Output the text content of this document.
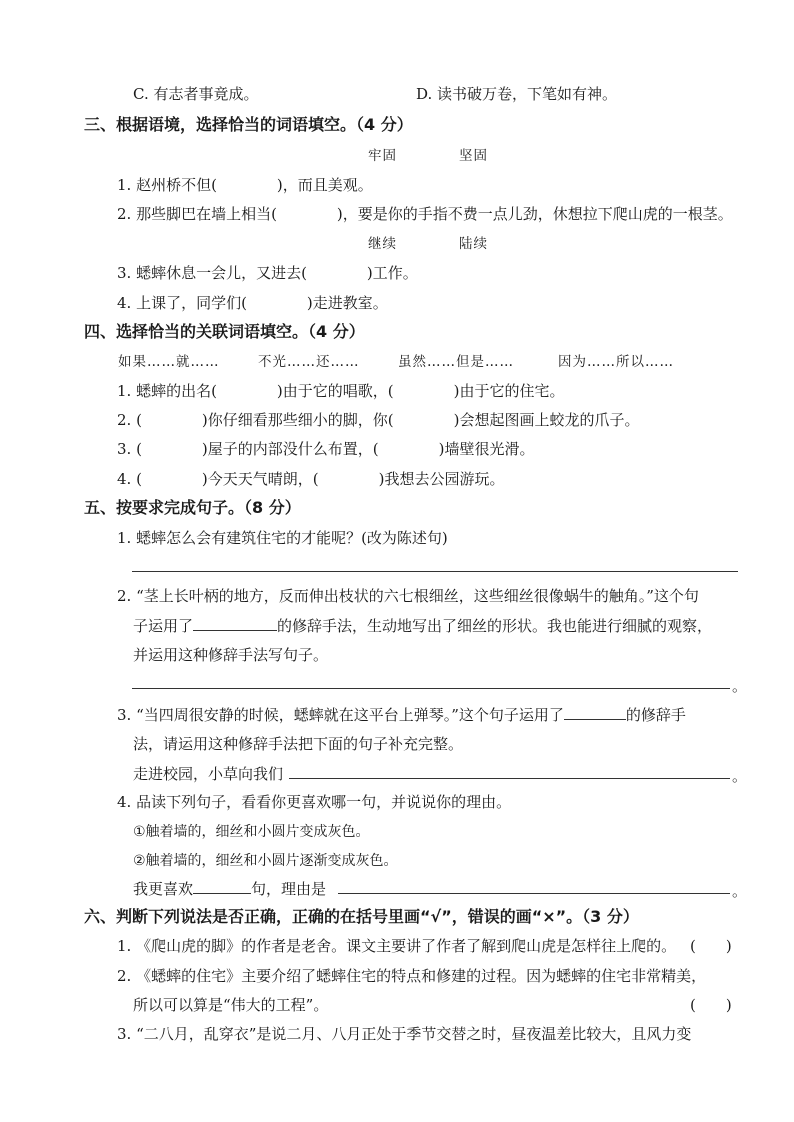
C. 有志者事竟成。	D. 读书破万卷，下笔如有神。
三、根据语境，选择恰当的词语填空。（4 分）
牢固	坚固
1. 赵州桥不但(　　　　)，而且美观。
2. 那些脚巴在墙上相当(　　　　)，要是你的手指不费一点儿劲，休想拉下爬山虎的一根茎。
继续	陆续
3. 蟋蟀休息一会儿，又进去(　　　　)工作。
4. 上课了，同学们(　　　　)走进教室。
四、选择恰当的关联词语填空。（4 分）
如果……就……	不光……还……	虽然……但是……	因为……所以……
1. 蟋蟀的出名(　　　　)由于它的唱歌，(　　　　)由于它的住宅。
2. (　　　　)你仔细看那些细小的脚，你(　　　　)会想起图画上蛟龙的爪子。
3. (　　　　)屋子的内部没什么布置，(　　　　)墙壁很光滑。
4. (　　　　)今天天气晴朗，(　　　　)我想去公园游玩。
五、按要求完成句子。（8 分）
1. 蟋蟀怎么会有建筑住宅的才能呢？(改为陈述句)
2. “茎上长叶柄的地方，反而伸出枝状的六七根细丝，这些细丝很像蜗牛的触角。”这个句
子运用了	的修辞手法，生动地写出了细丝的形状。我也能进行细腻的观察，
并运用这种修辞手法写句子。
。
3. “当四周很安静的时候，蟋蟀就在这平台上弹琴。”这个句子运用了	的修辞手
法，请运用这种修辞手法把下面的句子补充完整。
走进校园，小草向我们	。
4. 品读下列句子，看看你更喜欢哪一句，并说说你的理由。
①触着墙的，细丝和小圆片变成灰色。
②触着墙的，细丝和小圆片逐渐变成灰色。
我更喜欢	句，理由是	。
六、判断下列说法是否正确，正确的在括号里画“√”，错误的画“×”。（3 分）
1. 《爬山虎的脚》的作者是老舍。课文主要讲了作者了解到爬山虎是怎样往上爬的。 (　　)
2. 《蟋蟀的住宅》主要介绍了蟋蟀住宅的特点和修建的过程。因为蟋蟀的住宅非常精美，
所以可以算是“伟大的工程”。	(　　)
3. “二八月，乱穿衣”是说二月、八月正处于季节交替之时，昼夜温差比较大，且风力变
